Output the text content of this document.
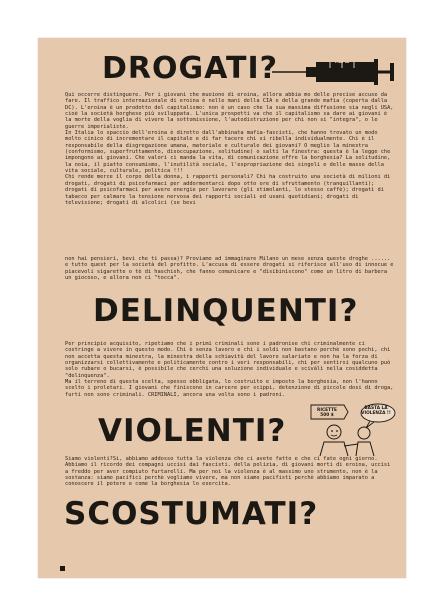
DROGATI?	MAFIA

Qui occorre distinguere. Per i giovani che muoiono di eroina, allora abbia mo delle precise accuse da fare. Il traffico internazionale di eroina è nelle mani della CIA e della grande mafia (coperta dalla DC). L'eroina è un prodotto del capitalismo: non è un caso che la sua massima diffusione sia negli USA, cioè la società borghese più sviluppata. L'unica prospetti va che il capitalismo sa dare ai giovani è la morte della voglia di vivere la sottomissione, l'autodistruzione per chi non si "integra", o le guerre imperialiste.
In Italia lo spaccio dell'eroina è diretto dall'abbinata mafia-fascisti, che hanno trovato un modo molto cinico di incrementare il capitale e di far tacere chi si ribella individualmente. Chi è il responsabile della disgregazione umana, materiale e culturale dei giovani? O meglio la minestra (conformismo, superfruttamento, disoccupazione, solitudine) o salti la finestra: questa è la legge che impongono ai giovani. Che valori ci manda la vita, di comunicazione offre la borghesia? La solitudine, la noia, il piatto consumismo, l'inutilità sociale, l'espropriazione dei singoli e delle masse della vita sociale, culturale, politica !!!
Chi rende merce il corpo della donna, i rapporti personali? Chi ha costruito una società di milioni di drogati, drogati di psicofarmaci per addormentarci dopo otto ore di sfruttamento (tranquillanti); drogati di psicofarmaci per avere energie per lavorare (gli stimolanti, lo stesso caffè); drogati di tabacco per calmare la tensione nervosa dei rapporti sociali ed usani quotidiani; drogati di televisione; drogati di alcolici (se bevi

non hai pensieri, bevi che ti passa)? Proviamo ad immaginare Milano un mese senza queste droghe ...... e tutto quest per la società del profitto. L'accusa di essere drogati si riferisce all'uso di innocue e piacevoli sigarette o tè di haschish, che fanno comunicare e "disibiniscono" come un litro di barbera un giocoso, e allora non ci "tocca".

DELINQUENTI?

Per principio acquisito, ripetiamo che i primi criminali sono i padronise chi criminalmente ci costringe a vivere in questo modo. Chi è senza lavoro e chi i soldi non bastano perchè sono pochi, chi non accetta questa minestra, la minestra della schiavitù del lavoro salariato e non ha la forza di organizzarsi collettivamente e politicamente contro i veri responsabili, chi per sentirsi qualcuno può solo rubare o bucarsi, è possibile che cerchi una soluzione individuale e sciválì nella cosiddetta "delinquenza".
Ma il terreno di questa scelta, spesso obbligata, lo costruito e imposto la borghesia, non l'hanno scelto i proletari. I giovani che finiscono in carcere per scippi, detenzione di piccole dosi di droga, furti non sono criminali. CRIMINALI, ancora una volta sono i padroni.

VIOLENTI?
RICETTE 500 $
BASTA LA VIOLENZA !!

Siamo violenti?Si, abbiamo addosso tutta la violenza che ci avete fatto e che ci fate ogni giorno. Abbiamo il ricordo dei compagni uccisi dai fascisti. della polizia, di giovani morti di eroina, uccisi a freddo per aver compiuto furtarelli. Ma per noi la violenza è al massimo uno strumento, non è la sostanza: siamo pacifici perchè vogliamo vivere, ma non siamo pacifisti perchè abbiamo imparato a conoscere il potere e come la borghesia lo esercita.

SCOSTUMATI?
